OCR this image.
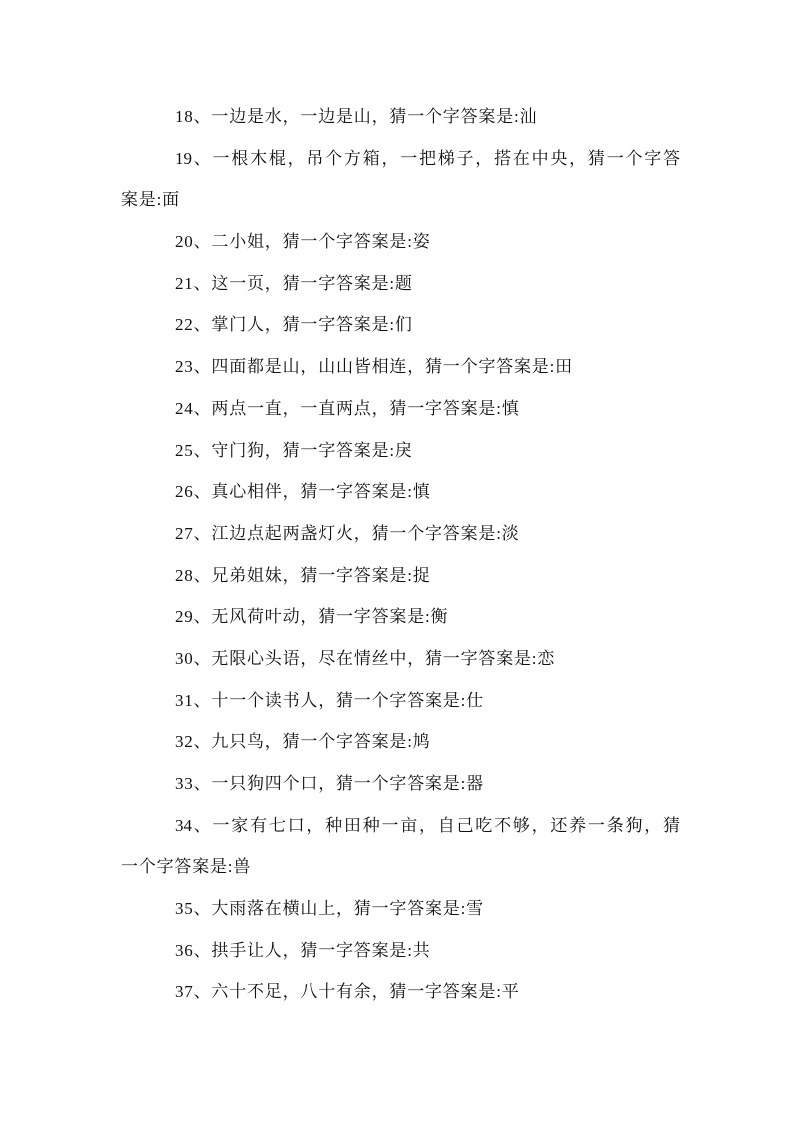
18、一边是水，一边是山，猜一个字答案是:汕

19、一根木棍，吊个方箱，一把梯子，搭在中央，猜一个字答
案是:面

20、二小姐，猜一个字答案是:姿

21、这一页，猜一字答案是:题

22、掌门人，猜一字答案是:们

23、四面都是山，山山皆相连，猜一个字答案是:田

24、两点一直，一直两点，猜一字答案是:慎

25、守门狗，猜一字答案是:戾

26、真心相伴，猜一字答案是:慎

27、江边点起两盏灯火，猜一个字答案是:淡

28、兄弟姐妹，猜一字答案是:捉

29、无风荷叶动，猜一字答案是:衡

30、无限心头语，尽在情丝中，猜一字答案是:恋

31、十一个读书人，猜一个字答案是:仕

32、九只鸟，猜一个字答案是:鸠

33、一只狗四个口，猜一个字答案是:器

34、一家有七口，种田种一亩，自己吃不够，还养一条狗，猜
一个字答案是:兽

35、大雨落在横山上，猜一字答案是:雪

36、拱手让人，猜一字答案是:共

37、六十不足，八十有余，猜一字答案是:平
